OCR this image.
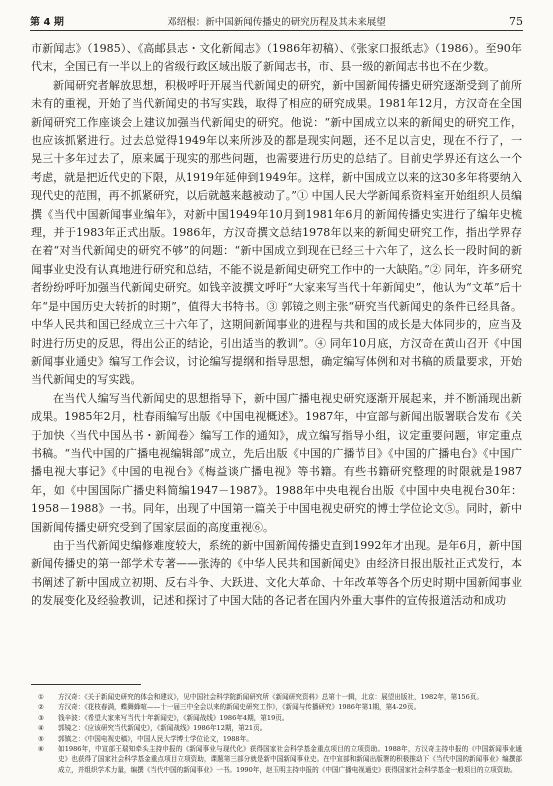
第 4 期	邓绍根：新中国新闻传播史的研究历程及其未来展望	75

市新闻志》（1985）、《高邮县志・文化新闻志》（1986年初稿）、《张家口报纸志》（1986）。至90年代末，全国已有一半以上的省级行政区域出版了新闻志书，市、县一级的新闻志书也不在少数。

新闻研究者解放思想，积极呼吁开展当代新闻史的研究，新中国新闻传播史研究逐渐受到了前所未有的重视，开始了当代新闻史的书写实践，取得了相应的研究成果。1981年12月，方汉奇在全国新闻研究工作座谈会上建议加强当代新闻史的研究。他说：“新中国成立以来的新闻史的研究工作，也应该抓紧进行。过去总觉得1949年以来所涉及的都是现实问题，还不足以言史，现在不行了，一晃三十多年过去了，原来属于现实的那些问题，也需要进行历史的总结了。目前史学界还有这么一个考虑，就是把近代史的下限，从1919年延伸到1949年。这样，新中国成立以来的这30多年将要纳入现代史的范围，再不抓紧研究，以后就越来越被动了。”① 中国人民大学新闻系资料室开始组织人员编撰《当代中国新闻事业编年》，对新中国1949年10月到1981年6月的新闻传播史实进行了编年史梳理，并于1983年正式出版。1986年，方汉奇撰文总结1978年以来的新闻史研究工作，指出学界存在着“对当代新闻史的研究不够”的问题：“新中国成立到现在已经三十六年了，这么长一段时间的新闻事业史没有认真地进行研究和总结，不能不说是新闻史研究工作中的一大缺陷。”② 同年，许多研究者纷纷呼吁加强当代新闻史研究。如钱辛波撰文呼吁“大家来写当代十年新闻史”，他认为“文革”后十年“是中国历史大转折的时期”，值得大书特书。③ 郭镜之则主张“研究当代新闻史的条件已经具备。中华人民共和国已经成立三十六年了，这期间新闻事业的进程与共和国的成长是大体同步的，应当及时进行历史的反思，得出公正的结论，引出适当的教训”。④ 同年10月底，方汉奇在黄山召开《中国新闻事业通史》编写工作会议，讨论编写提纲和指导思想，确定编写体例和对书稿的质量要求，开始当代新闻史的写实践。

在当代人编写当代新闻史的思想指导下，新中国广播电视史研究逐渐开展起来，并不断涌现出新成果。1985年2月，杜春雨编写出版《中国电视概述》。1987年，中宣部与新闻出版署联合发布《关于加快〈当代中国丛书・新闻卷〉编写工作的通知》，成立编写指导小组，议定重要问题，审定重点书稿。“当代中国的广播电视编辑部”成立，先后出版《中国的广播节目》《中国的广播电台》《中国广播电视大事记》《中国的电视台》《梅益谈广播电视》等书籍。有些书籍研究整理的时限就是1987年，如《中国国际广播史料简编1947－1987》。1988年中央电视台出版《中国中央电视台30年：1958－1988》一书。同年，出现了中国第一篇关于中国电视史研究的博士学位论文⑤。同时，新中国新闻传播史研究受到了国家层面的高度重视⑥。

由于当代新闻史编修难度较大，系统的新中国新闻传播史直到1992年才出现。是年6月，新中国新闻传播史的第一部学术专著——张涛的《中华人民共和国新闻史》由经济日报出版社正式发行，本书阐述了新中国成立初期、反右斗争、大跃进、文化大革命、十年改革等各个历史时期中国新闻事业的发展变化及经验教训，记述和探讨了中国大陆的各记者在国内外重大事件的宣传报道活动和成功

①	方汉奇：《关于新闻史研究的体会和建议》，见中国社会科学院新闻研究所《新闻研究资料》总第十一辑，北京：展望出版社，1982年，第156页。
②	方汉奇：《花枝春满，蝶舞蜂喧——十一届三中全会以来的新闻史研究工作》，《新闻与传播研究》1986年第1期，第4-29页。
③	钱辛波：《希望大家来写当代十年新闻史》，《新闻战线》1986年4期，第19页。
④	郭镜之：《应该研究当代新闻史》，《新闻战线》1986年12期，第21页。
⑤	郭镇之：《中国电视史稿》，中国人民大学博士学位论文，1988年。
⑥	如1986年，中宣部王瑞知牵头主持申报的《新闻事业与现代化》获得国家社会科学基金重点项目的立项资助。1988年，方汉奇主持申报的《中国新闻事业通史》也获得了国家社会科学基金重点项目立项资助，课题第三部分就是新中国新闻事业史。在中宣部和新闻出版署的积极推动下《当代中国的新闻事业》编撰部成立，并组织学术力量，编撰《当代中国的新闻事业》一书。1990年，赵玉明主持申报的《中国广播电视通史》获得国家社会科学基金一般项目的立项资助。
